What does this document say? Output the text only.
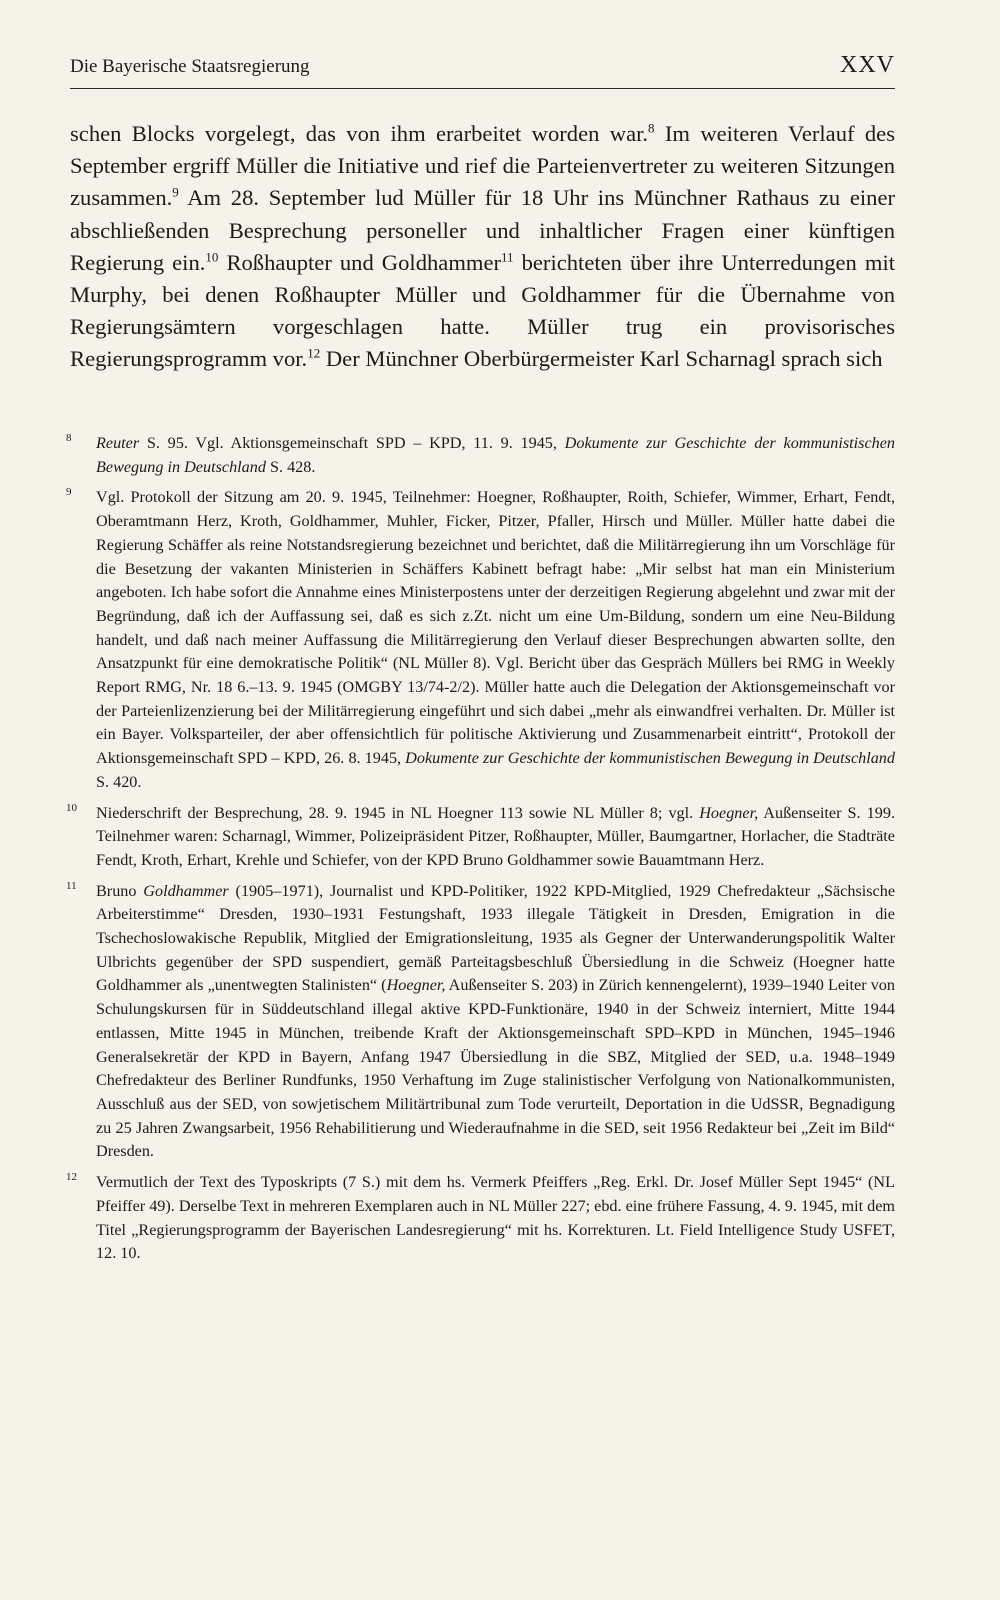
Die Bayerische Staatsregierung	XXV

schen Blocks vorgelegt, das von ihm erarbeitet worden war.$^8$ Im weiteren Verlauf des September ergriff Müller die Initiative und rief die Parteienvertreter zu weiteren Sitzungen zusammen.$^9$ Am 28. September lud Müller für 18 Uhr ins Münchner Rathaus zu einer abschließenden Besprechung personeller und inhaltlicher Fragen einer künftigen Regierung ein.$^{10}$ Roßhaupter und Goldhammer$^{11}$ berichteten über ihre Unterredungen mit Murphy, bei denen Roßhaupter Müller und Goldhammer für die Übernahme von Regierungsämtern vorgeschlagen hatte. Müller trug ein provisorisches Regierungsprogramm vor.$^{12}$ Der Münchner Oberbürgermeister Karl Scharnagl sprach sich

8 Reuter S. 95. Vgl. Aktionsgemeinschaft SPD – KPD, 11. 9. 1945, Dokumente zur Geschichte der kommunistischen Bewegung in Deutschland S. 428.
9 Vgl. Protokoll der Sitzung am 20. 9. 1945, Teilnehmer: Hoegner, Roßhaupter, Roith, Schiefer, Wimmer, Erhart, Fendt, Oberamtmann Herz, Kroth, Goldhammer, Muhler, Ficker, Pitzer, Pfaller, Hirsch und Müller. Müller hatte dabei die Regierung Schäffer als reine Notstandsregierung bezeichnet und berichtet, daß die Militärregierung ihn um Vorschläge für die Besetzung der vakanten Ministerien in Schäffers Kabinett befragt habe: „Mir selbst hat man ein Ministerium angeboten. Ich habe sofort die Annahme eines Ministerpostens unter der derzeitigen Regierung abgelehnt und zwar mit der Begründung, daß ich der Auffassung sei, daß es sich z.Zt. nicht um eine Um-Bildung, sondern um eine Neu-Bildung handelt, und daß nach meiner Auffassung die Militärregierung den Verlauf dieser Besprechungen abwarten sollte, den Ansatzpunkt für eine demokratische Politik“ (NL Müller 8). Vgl. Bericht über das Gespräch Müllers bei RMG in Weekly Report RMG, Nr. 18 6.–13. 9. 1945 (OMGBY 13/74-2/2). Müller hatte auch die Delegation der Aktionsgemeinschaft vor der Parteienlizenzierung bei der Militärregierung eingeführt und sich dabei „mehr als einwandfrei verhalten. Dr. Müller ist ein Bayer. Volksparteiler, der aber offensichtlich für politische Aktivierung und Zusammenarbeit eintritt“, Protokoll der Aktionsgemeinschaft SPD – KPD, 26. 8. 1945, Dokumente zur Geschichte der kommunistischen Bewegung in Deutschland S. 420.
10 Niederschrift der Besprechung, 28. 9. 1945 in NL Hoegner 113 sowie NL Müller 8; vgl. Hoegner, Außenseiter S. 199. Teilnehmer waren: Scharnagl, Wimmer, Polizeipräsident Pitzer, Roßhaupter, Müller, Baumgartner, Horlacher, die Stadträte Fendt, Kroth, Erhart, Krehle und Schiefer, von der KPD Bruno Goldhammer sowie Bauamtmann Herz.
11 Bruno Goldhammer (1905–1971), Journalist und KPD-Politiker, 1922 KPD-Mitglied, 1929 Chefredakteur „Sächsische Arbeiterstimme“ Dresden, 1930–1931 Festungshaft, 1933 illegale Tätigkeit in Dresden, Emigration in die Tschechoslowakische Republik, Mitglied der Emigrationsleitung, 1935 als Gegner der Unterwanderungspolitik Walter Ulbrichts gegenüber der SPD suspendiert, gemäß Parteitagsbeschluß Übersiedlung in die Schweiz (Hoegner hatte Goldhammer als „unentwegten Stalinisten“ (Hoegner, Außenseiter S. 203) in Zürich kennengelernt), 1939–1940 Leiter von Schulungskursen für in Süddeutschland illegal aktive KPD-Funktionäre, 1940 in der Schweiz interniert, Mitte 1944 entlassen, Mitte 1945 in München, treibende Kraft der Aktionsgemeinschaft SPD–KPD in München, 1945–1946 Generalsekretär der KPD in Bayern, Anfang 1947 Übersiedlung in die SBZ, Mitglied der SED, u.a. 1948–1949 Chefredakteur des Berliner Rundfunks, 1950 Verhaftung im Zuge stalinistischer Verfolgung von Nationalkommunisten, Ausschluß aus der SED, von sowjetischem Militärtribunal zum Tode verurteilt, Deportation in die UdSSR, Begnadigung zu 25 Jahren Zwangsarbeit, 1956 Rehabilitierung und Wiederaufnahme in die SED, seit 1956 Redakteur bei „Zeit im Bild“ Dresden.
12 Vermutlich der Text des Typoskripts (7 S.) mit dem hs. Vermerk Pfeiffers „Reg. Erkl. Dr. Josef Müller Sept 1945“ (NL Pfeiffer 49). Derselbe Text in mehreren Exemplaren auch in NL Müller 227; ebd. eine frühere Fassung, 4. 9. 1945, mit dem Titel „Regierungsprogramm der Bayerischen Landesregierung“ mit hs. Korrekturen. Lt. Field Intelligence Study USFET, 12. 10.
